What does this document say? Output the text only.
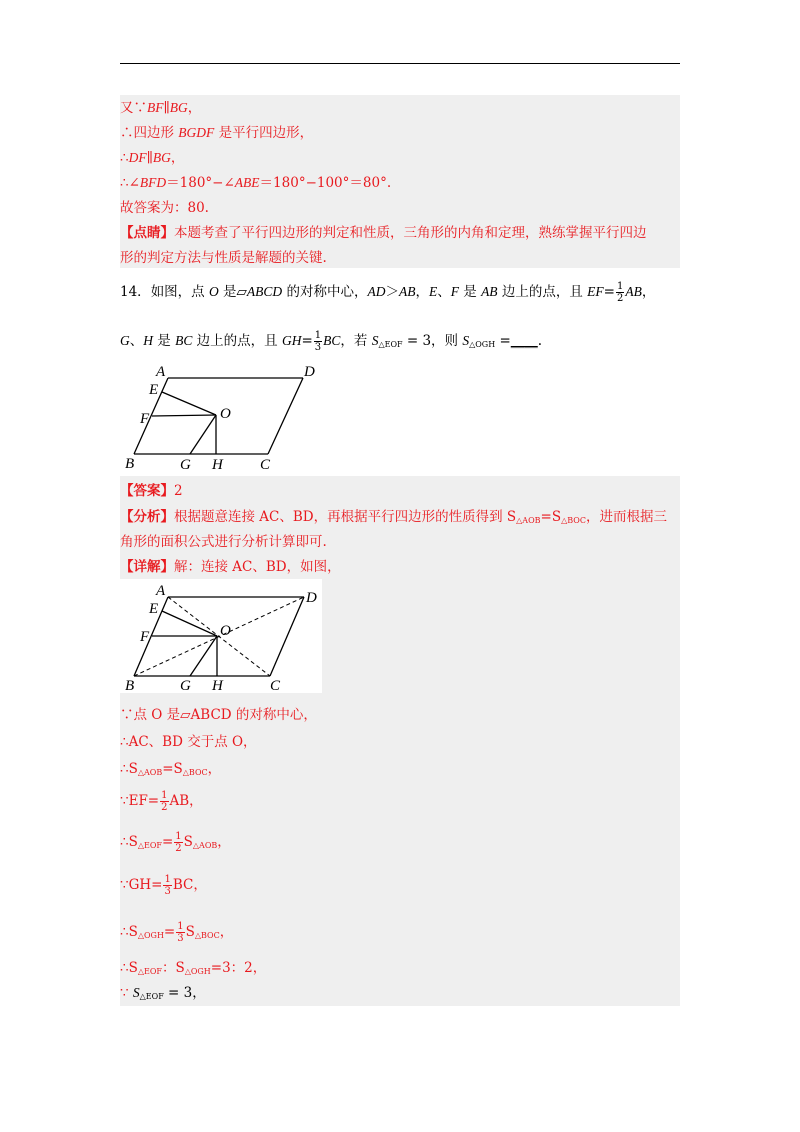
又∵BF∥BG，
∴四边形 BGDF 是平行四边形，
∴DF∥BG，
∴∠BFD＝180°−∠ABE＝180°−100°＝80°.
故答案为：80.
【点睛】本题考查了平行四边形的判定和性质，三角形的内角和定理，熟练掌握平行四边
形的判定方法与性质是解题的关键.
14．如图，点 O 是▱ABCD 的对称中心，AD＞AB，E、F 是 AB 边上的点，且 $EF= \frac{1}{2}$ AB，
G、H 是 BC 边上的点，且 $GH= \frac{1}{3}$ BC，若 $S_{\triangle EOF} = 3$，则 $S_{\triangle OGH}$ =____.
A	D
E
F	O
B	G H C
【答案】2
【分析】根据题意连接 AC、BD，再根据平行四边形的性质得到 $S_{\triangle AOB}=S_{\triangle BOC}$，进而根据三
角形的面积公式进行分析计算即可.
【详解】解：连接 AC、BD，如图，
A	D
E
F	O
B	G H	C
∵点 O 是▱ABCD 的对称中心，
∴AC、BD 交于点 O，
$\therefore S_{\triangle AOB}=S_{\triangle BOC}$，
∵EF= $\frac{1}{2}$ AB，
$\therefore S_{\triangle EOF}= \frac{1}{2} S_{\triangle AOB}$，
∵GH= $\frac{1}{3}$ BC，
$\therefore S_{\triangle OGH}= \frac{1}{3} S_{\triangle BOC}$，
$\therefore S_{\triangle EOF}$：$S_{\triangle OGH}=3$：2，
∵ $S_{\triangle EOF} = 3$，
